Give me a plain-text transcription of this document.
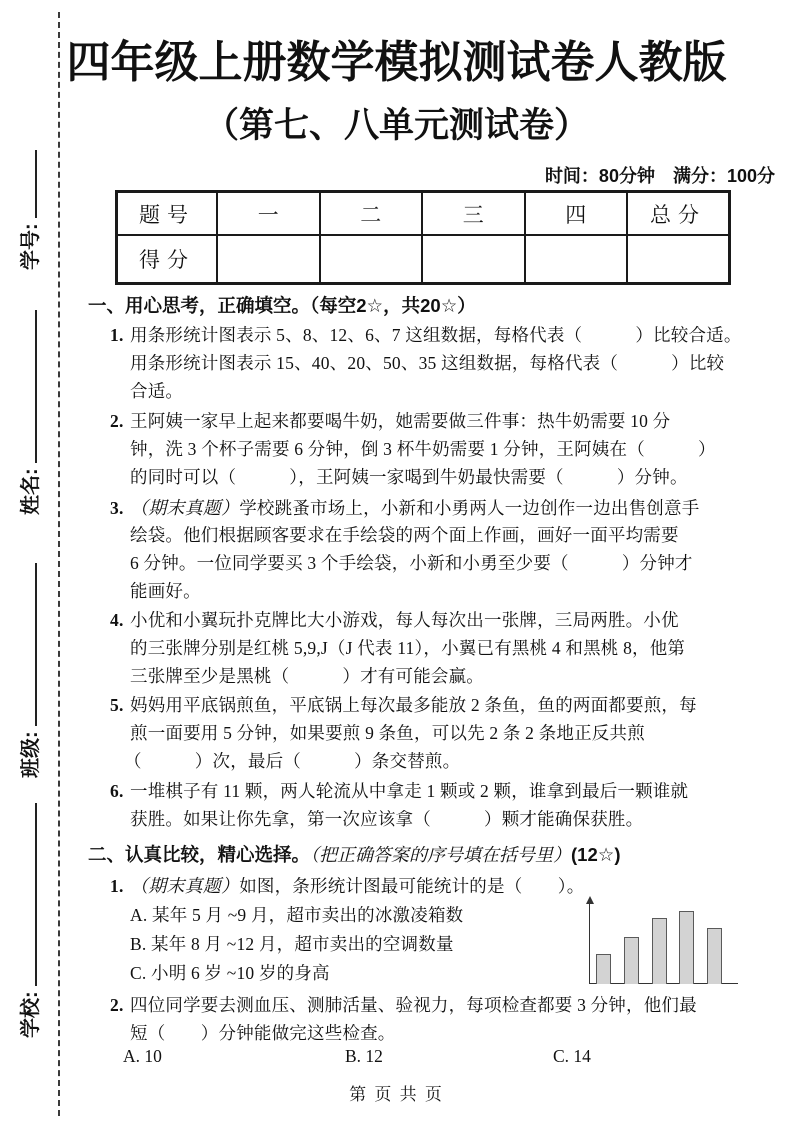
学号:
姓名:
班级:
学校:
四年级上册数学模拟测试卷人教版
（第七、八单元测试卷）
时间：80分钟　满分：100分
题号	一	二	三	四	总分
得分					
一、用心思考，正确填空。（每空2☆，共20☆）
1. 用条形统计图表示 5、8、12、6、7 这组数据，每格代表（　　　）比较合适。
用条形统计图表示 15、40、20、50、35 这组数据，每格代表（　　　）比较
合适。
2. 王阿姨一家早上起来都要喝牛奶，她需要做三件事：热牛奶需要 10 分
钟，洗 3 个杯子需要 6 分钟，倒 3 杯牛奶需要 1 分钟，王阿姨在（　　　）
的同时可以（　　　），王阿姨一家喝到牛奶最快需要（　　　）分钟。
3. （期末真题）学校跳蚤市场上，小新和小勇两人一边创作一边出售创意手
绘袋。他们根据顾客要求在手绘袋的两个面上作画，画好一面平均需要
6 分钟。一位同学要买 3 个手绘袋，小新和小勇至少要（　　　）分钟才
能画好。
4. 小优和小翼玩扑克牌比大小游戏，每人每次出一张牌，三局两胜。小优
的三张牌分别是红桃 5,9,J（J 代表 11），小翼已有黑桃 4 和黑桃 8，他第
三张牌至少是黑桃（　　　）才有可能会赢。
5. 妈妈用平底锅煎鱼，平底锅上每次最多能放 2 条鱼，鱼的两面都要煎，每
煎一面要用 5 分钟，如果要煎 9 条鱼，可以先 2 条 2 条地正反共煎
（　　　）次，最后（　　　）条交替煎。
6. 一堆棋子有 11 颗，两人轮流从中拿走 1 颗或 2 颗，谁拿到最后一颗谁就
获胜。如果让你先拿，第一次应该拿（　　　）颗才能确保获胜。
二、认真比较，精心选择。（把正确答案的序号填在括号里）(12☆)
1. （期末真题）如图，条形统计图最可能统计的是（　　）。
A. 某年 5 月 ~9 月，超市卖出的冰激凌箱数
B. 某年 8 月 ~12 月，超市卖出的空调数量
C. 小明 6 岁 ~10 岁的身高
2. 四位同学要去测血压、测肺活量、验视力，每项检查都要 3 分钟，他们最
短（　　）分钟能做完这些检查。
A. 10	B. 12	C. 14
第 页 共 页
